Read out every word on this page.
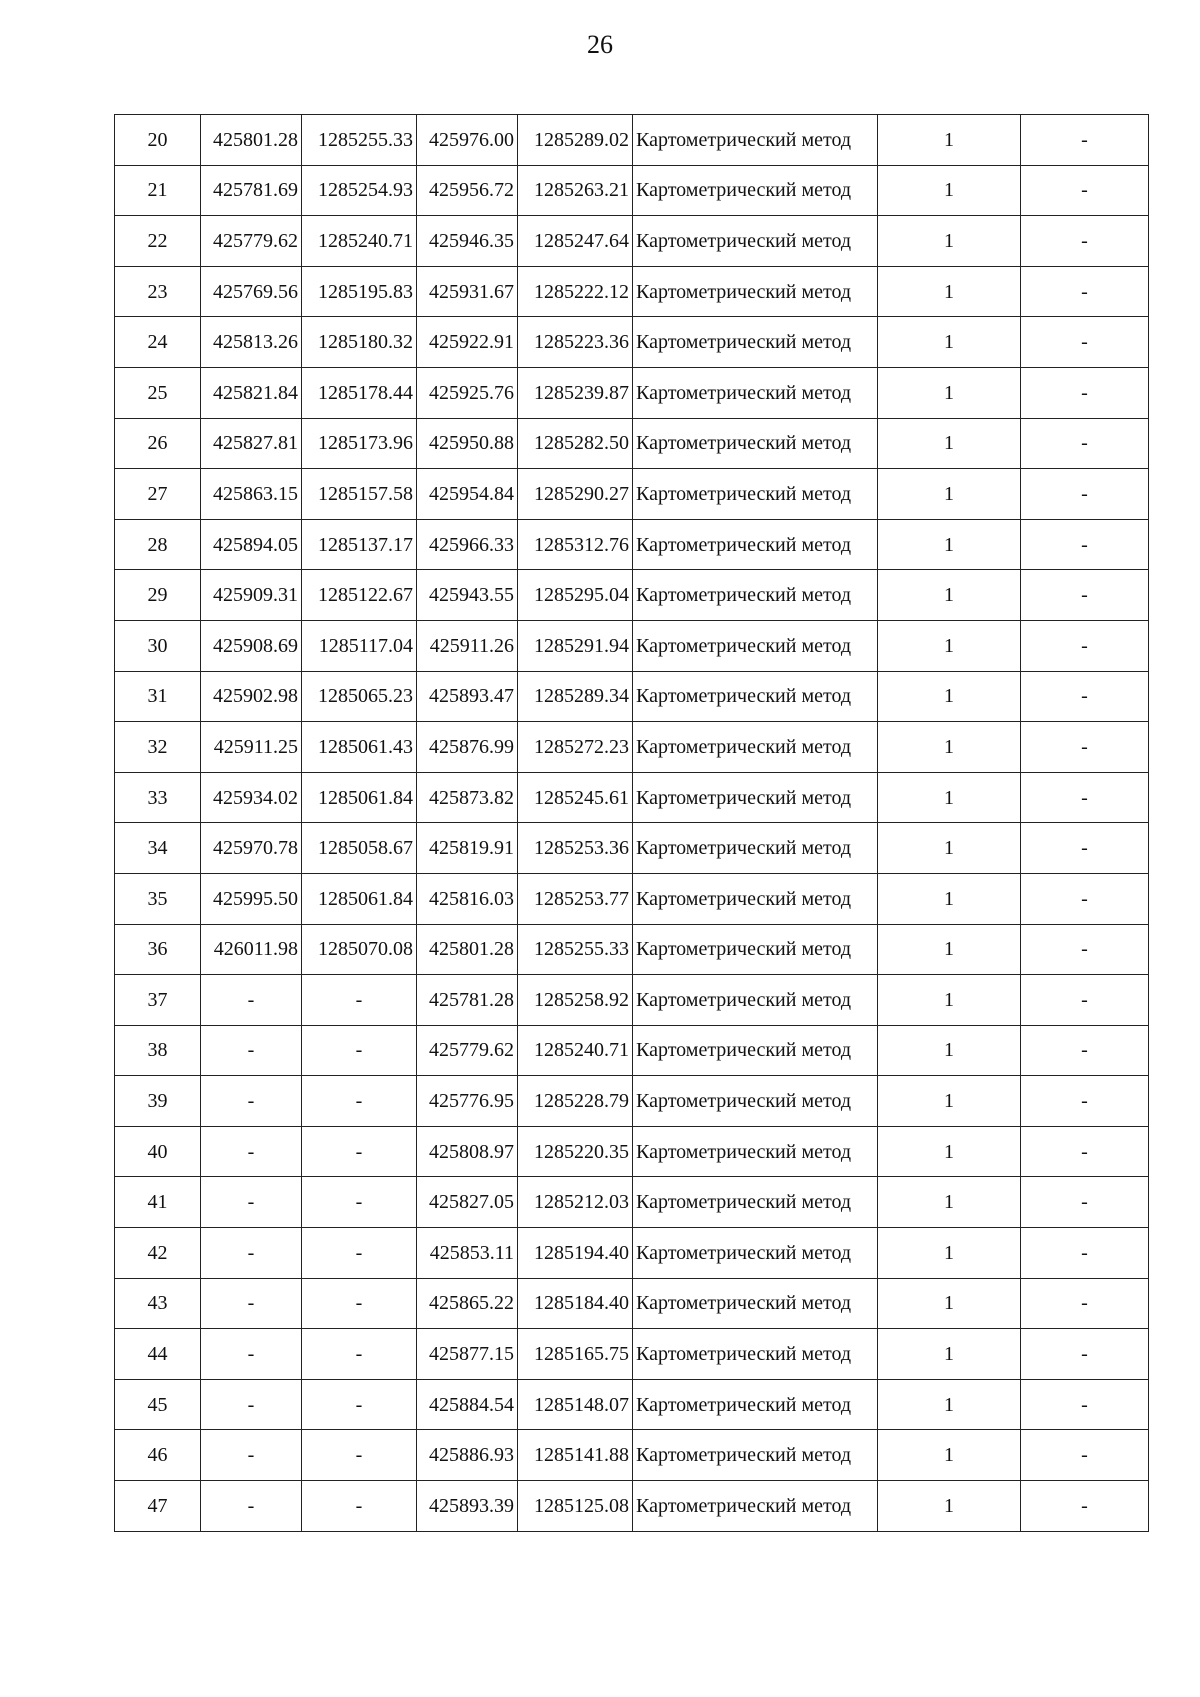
26
20	425801.28	1285255.33	425976.00	1285289.02	Картометрический метод	1	-
21	425781.69	1285254.93	425956.72	1285263.21	Картометрический метод	1	-
22	425779.62	1285240.71	425946.35	1285247.64	Картометрический метод	1	-
23	425769.56	1285195.83	425931.67	1285222.12	Картометрический метод	1	-
24	425813.26	1285180.32	425922.91	1285223.36	Картометрический метод	1	-
25	425821.84	1285178.44	425925.76	1285239.87	Картометрический метод	1	-
26	425827.81	1285173.96	425950.88	1285282.50	Картометрический метод	1	-
27	425863.15	1285157.58	425954.84	1285290.27	Картометрический метод	1	-
28	425894.05	1285137.17	425966.33	1285312.76	Картометрический метод	1	-
29	425909.31	1285122.67	425943.55	1285295.04	Картометрический метод	1	-
30	425908.69	1285117.04	425911.26	1285291.94	Картометрический метод	1	-
31	425902.98	1285065.23	425893.47	1285289.34	Картометрический метод	1	-
32	425911.25	1285061.43	425876.99	1285272.23	Картометрический метод	1	-
33	425934.02	1285061.84	425873.82	1285245.61	Картометрический метод	1	-
34	425970.78	1285058.67	425819.91	1285253.36	Картометрический метод	1	-
35	425995.50	1285061.84	425816.03	1285253.77	Картометрический метод	1	-
36	426011.98	1285070.08	425801.28	1285255.33	Картометрический метод	1	-
37	-	-	425781.28	1285258.92	Картометрический метод	1	-
38	-	-	425779.62	1285240.71	Картометрический метод	1	-
39	-	-	425776.95	1285228.79	Картометрический метод	1	-
40	-	-	425808.97	1285220.35	Картометрический метод	1	-
41	-	-	425827.05	1285212.03	Картометрический метод	1	-
42	-	-	425853.11	1285194.40	Картометрический метод	1	-
43	-	-	425865.22	1285184.40	Картометрический метод	1	-
44	-	-	425877.15	1285165.75	Картометрический метод	1	-
45	-	-	425884.54	1285148.07	Картометрический метод	1	-
46	-	-	425886.93	1285141.88	Картометрический метод	1	-
47	-	-	425893.39	1285125.08	Картометрический метод	1	-
